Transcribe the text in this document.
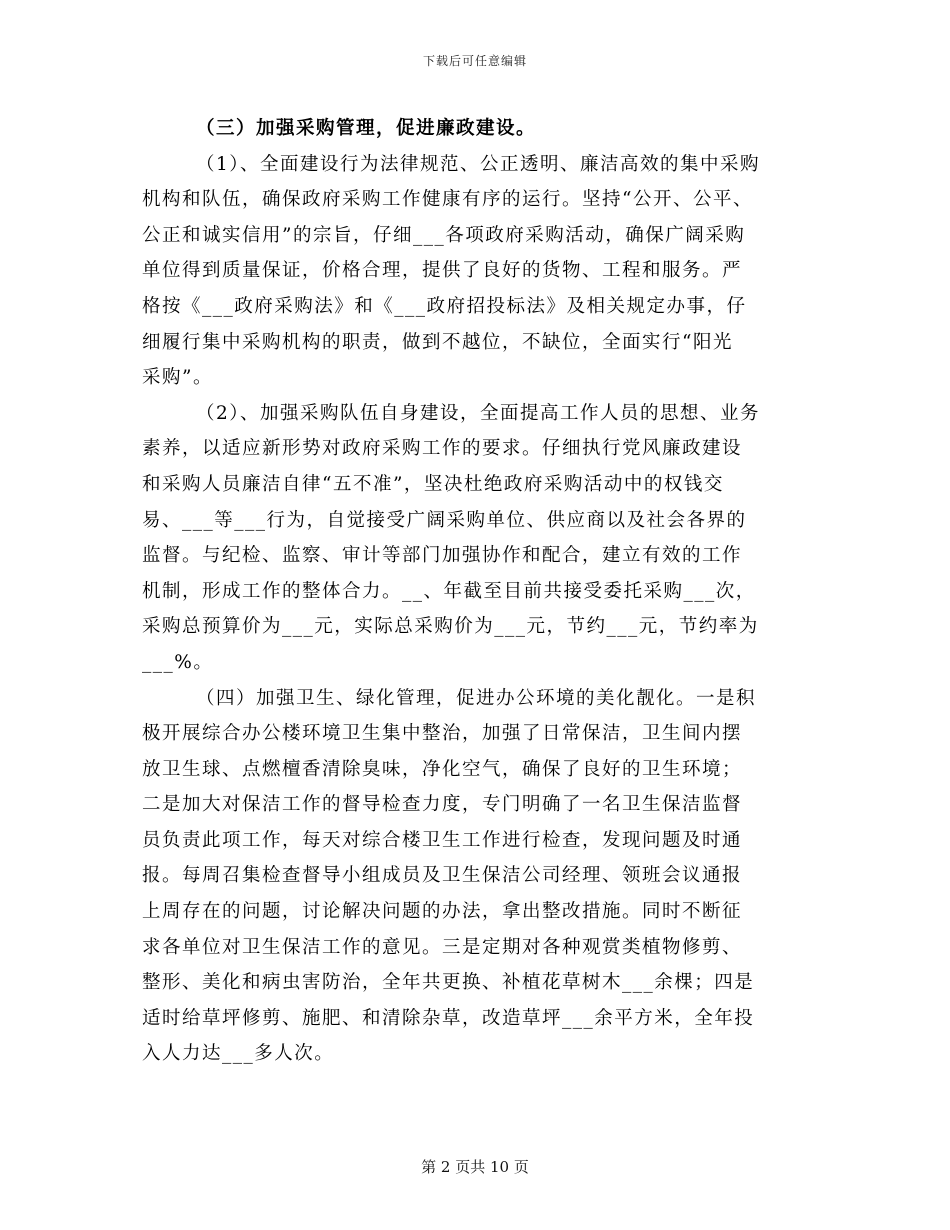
下载后可任意编辑
（三）加强采购管理，促进廉政建设。
（1）、全面建设行为法律规范、公正透明、廉洁高效的集中采购
机构和队伍，确保政府采购工作健康有序的运行。坚持“公开、公平、
公正和诚实信用”的宗旨，仔细___各项政府采购活动，确保广阔采购
单位得到质量保证，价格合理，提供了良好的货物、工程和服务。严
格按《___政府采购法》和《___政府招投标法》及相关规定办事，仔
细履行集中采购机构的职责，做到不越位，不缺位，全面实行“阳光
采购”。
（2）、加强采购队伍自身建设，全面提高工作人员的思想、业务
素养，以适应新形势对政府采购工作的要求。仔细执行党风廉政建设
和采购人员廉洁自律“五不准”，坚决杜绝政府采购活动中的权钱交
易、___等___行为，自觉接受广阔采购单位、供应商以及社会各界的
监督。与纪检、监察、审计等部门加强协作和配合，建立有效的工作
机制，形成工作的整体合力。__、年截至目前共接受委托采购___次，
采购总预算价为___元，实际总采购价为___元，节约___元，节约率为
___%。
（四）加强卫生、绿化管理，促进办公环境的美化靓化。一是积
极开展综合办公楼环境卫生集中整治，加强了日常保洁，卫生间内摆
放卫生球、点燃檀香清除臭味，净化空气，确保了良好的卫生环境；
二是加大对保洁工作的督导检查力度，专门明确了一名卫生保洁监督
员负责此项工作，每天对综合楼卫生工作进行检查，发现问题及时通
报。每周召集检查督导小组成员及卫生保洁公司经理、领班会议通报
上周存在的问题，讨论解决问题的办法，拿出整改措施。同时不断征
求各单位对卫生保洁工作的意见。三是定期对各种观赏类植物修剪、
整形、美化和病虫害防治，全年共更换、补植花草树木___余棵；四是
适时给草坪修剪、施肥、和清除杂草，改造草坪___余平方米，全年投
入人力达___多人次。
第 2 页共 10 页
